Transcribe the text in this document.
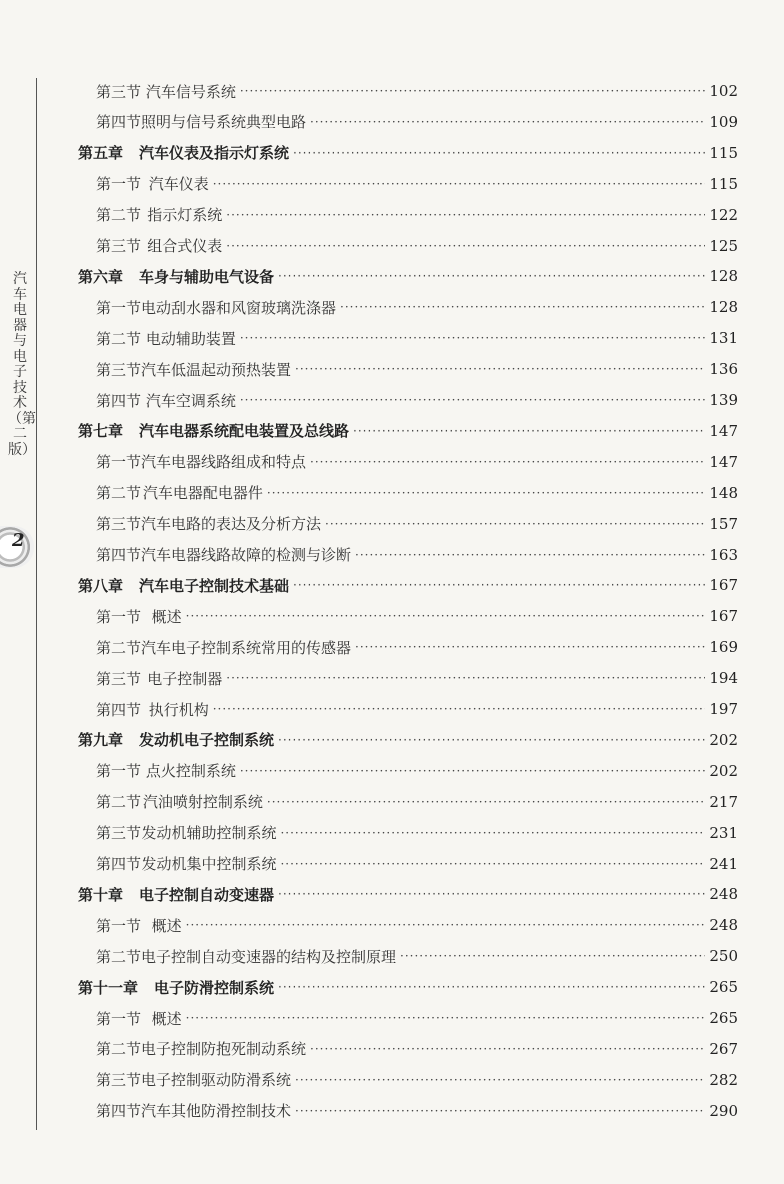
汽车电器与电子技术（第二版）
2
第三节 汽车信号系统 ·····	102
第四节 照明与信号系统典型电路 ·····	109
第五章 汽车仪表及指示灯系统 ·····	115
第一节 汽车仪表 ·····	115
第二节 指示灯系统 ·····	122
第三节 组合式仪表 ·····	125
第六章 车身与辅助电气设备 ·····	128
第一节 电动刮水器和风窗玻璃洗涤器 ·····	128
第二节 电动辅助装置 ·····	131
第三节 汽车低温起动预热装置 ·····	136
第四节 汽车空调系统 ·····	139
第七章 汽车电器系统配电装置及总线路 ·····	147
第一节 汽车电器线路组成和特点 ·····	147
第二节 汽车电器配电器件 ·····	148
第三节 汽车电路的表达及分析方法 ·····	157
第四节 汽车电器线路故障的检测与诊断 ·····	163
第八章 汽车电子控制技术基础 ·····	167
第一节 概述 ·····	167
第二节 汽车电子控制系统常用的传感器 ·····	169
第三节 电子控制器 ·····	194
第四节 执行机构 ·····	197
第九章 发动机电子控制系统 ·····	202
第一节 点火控制系统 ·····	202
第二节 汽油喷射控制系统 ·····	217
第三节 发动机辅助控制系统 ·····	231
第四节 发动机集中控制系统 ·····	241
第十章 电子控制自动变速器 ·····	248
第一节 概述 ·····	248
第二节 电子控制自动变速器的结构及控制原理 ·····	250
第十一章 电子防滑控制系统 ·····	265
第一节 概述 ·····	265
第二节 电子控制防抱死制动系统 ·····	267
第三节 电子控制驱动防滑系统 ·····	282
第四节 汽车其他防滑控制技术 ·····	290
